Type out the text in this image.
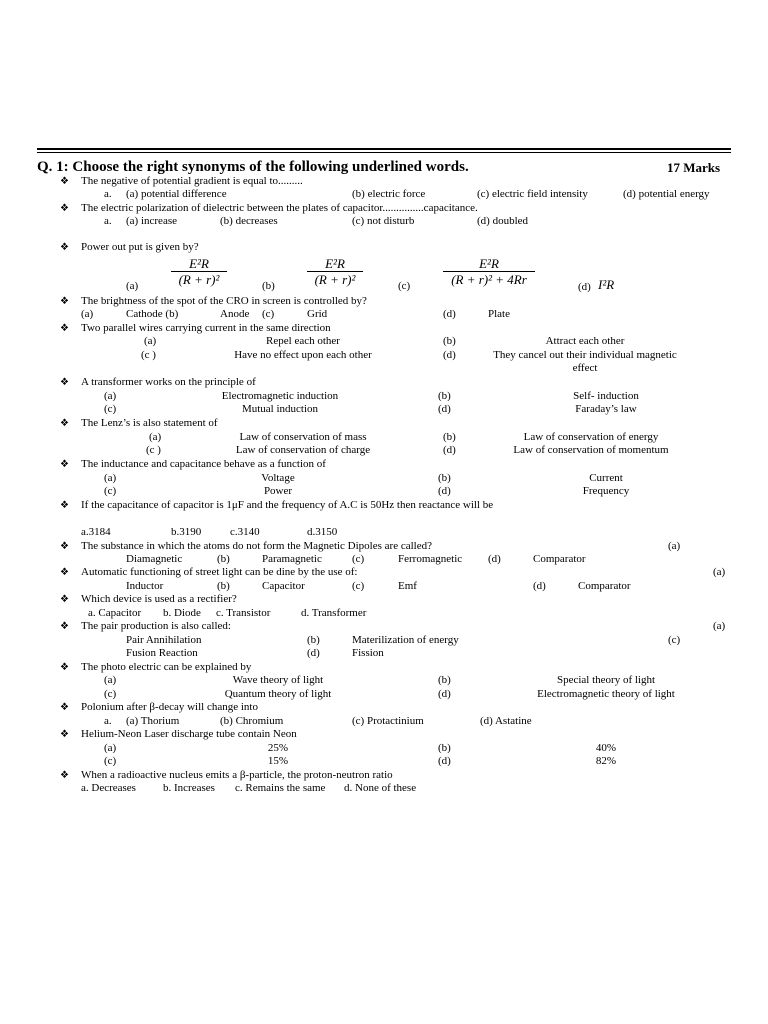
Q. 1: Choose the right synonyms of the following underlined words.	17 Marks
❖
❖
❖
❖
❖
❖
❖
❖
❖
❖
❖
❖
❖
❖
❖
❖
❖
The negative of potential gradient is equal to.........
a. (a) potential difference	(b) electric force	(c) electric field intensity	(d) potential energy
The electric polarization of dielectric between the plates of capacitor...............capacitance.
a. (a) increase	(b) decreases	(c) not disturb	(d) doubled
Power out put is given by?
(a)
E²R
(R + r)²	(b)
E²R
(R + r)²	(c)
E²R
(R + r)² + 4Rr	(d) I²R
The brightness of the spot of the CRO in screen is controlled by?
(a)	Cathode (b)	Anode (c)	Grid	(d)	Plate
Two parallel wires carrying current in the same direction
(a)	Repel each other	(b)	Attract each other
(c )	Have no effect upon each other	(d)	They cancel out their individual magnetic
effect
A transformer works on the principle of
(a)	Electromagnetic induction	(b)	Self- induction
(c)	Mutual induction	(d)	Faraday’s law
The Lenz’s is also statement of
(a)	Law of conservation of mass	(b)	Law of conservation of energy
(c )	Law of conservation of charge	(d)	Law of conservation of momentum
The inductance and capacitance behave as a function of
(a)	Voltage	(b)	Current
(c)	Power	(d)	Frequency
If the capacitance of capacitor is 1μF and the frequency of A.C is 50Hz then reactance will be
a.3184	b.3190	c.3140	d.3150
The substance in which the atoms do not form the Magnetic Dipoles are called?	(a)
Diamagnetic	(b)	Paramagnetic	(c)	Ferromagnetic (d)	Comparator
Automatic functioning of street light can be dine by the use of:	(a)
Inductor	(b)	Capacitor	(c)	Emf	(d)	Comparator
Which device is used as a rectifier?
a. Capacitor b. Diode c. Transistor	d. Transformer
The pair production is also called:	(a)
Pair Annihilation	(b)	Materilization of energy	(c)
Fusion Reaction	(d)	Fission
The photo electric can be explained by
(a)	Wave theory of light	(b)	Special theory of light
(c)	Quantum theory of light	(d)	Electromagnetic theory of light
Polonium after β-decay will change into
a. (a) Thorium	(b) Chromium	(c) Protactinium	(d) Astatine
Helium-Neon Laser discharge tube contain Neon
(a)	25%	(b)	40%
(c)	15%	(d)	82%
When a radioactive nucleus emits a β-particle, the proton-neutron ratio
a. Decreases b. Increases c. Remains the same d. None of these
